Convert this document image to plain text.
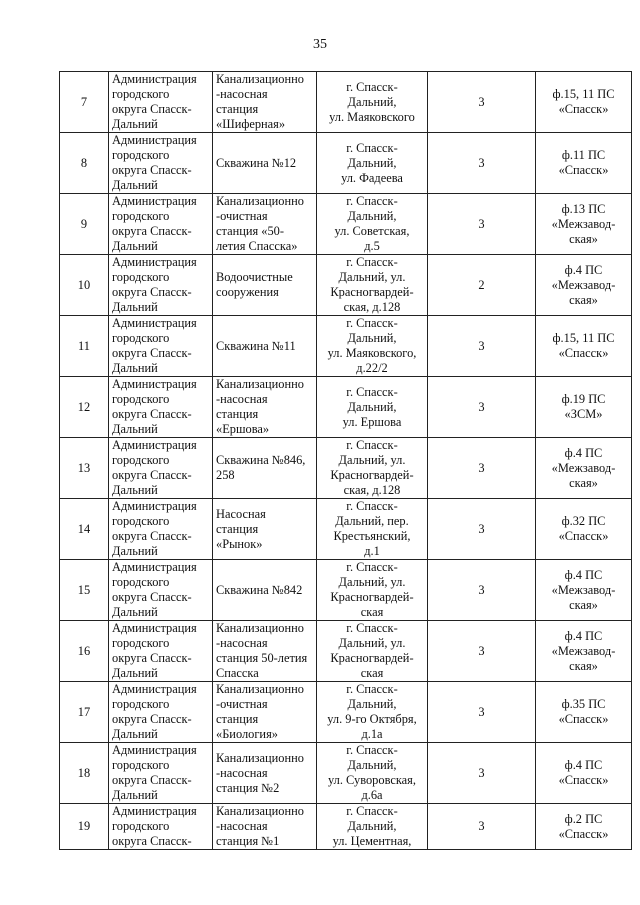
35
7	Администрация
городского
округа Спасск-
Дальний	Канализационно
-насосная
станция
«Шиферная»	г. Спасск-
Дальний,
ул. Маяковского	3	ф.15, 11 ПС
«Спасск»
8	Администрация
городского
округа Спасск-
Дальний	Скважина №12	г. Спасск-
Дальний,
ул. Фадеева	3	ф.11 ПС
«Спасск»
9	Администрация
городского
округа Спасск-
Дальний	Канализационно
-очистная
станция «50-
летия Спасска»	г. Спасск-
Дальний,
ул. Советская,
д.5	3	ф.13 ПС
«Межзавод-
ская»
10	Администрация
городского
округа Спасск-
Дальний	Водоочистные
сооружения	г. Спасск-
Дальний, ул.
Красногвардей-
ская, д.128	2	ф.4 ПС
«Межзавод-
ская»
11	Администрация
городского
округа Спасск-
Дальний	Скважина №11	г. Спасск-
Дальний,
ул. Маяковского,
д.22/2	3	ф.15, 11 ПС
«Спасск»
12	Администрация
городского
округа Спасск-
Дальний	Канализационно
-насосная
станция
«Ершова»	г. Спасск-
Дальний,
ул. Ершова	3	ф.19 ПС
«ЗСМ»
13	Администрация
городского
округа Спасск-
Дальний	Скважина №846,
258	г. Спасск-
Дальний, ул.
Красногвардей-
ская, д.128	3	ф.4 ПС
«Межзавод-
ская»
14	Администрация
городского
округа Спасск-
Дальний	Насосная
станция
«Рынок»	г. Спасск-
Дальний, пер.
Крестьянский,
д.1	3	ф.32 ПС
«Спасск»
15	Администрация
городского
округа Спасск-
Дальний	Скважина №842	г. Спасск-
Дальний, ул.
Красногвардей-
ская	3	ф.4 ПС
«Межзавод-
ская»
16	Администрация
городского
округа Спасск-
Дальний	Канализационно
-насосная
станция 50-летия
Спасска	г. Спасск-
Дальний, ул.
Красногвардей-
ская	3	ф.4 ПС
«Межзавод-
ская»
17	Администрация
городского
округа Спасск-
Дальний	Канализационно
-очистная
станция
«Биология»	г. Спасск-
Дальний,
ул. 9-го Октября,
д.1а	3	ф.35 ПС
«Спасск»
18	Администрация
городского
округа Спасск-
Дальний	Канализационно
-насосная
станция №2	г. Спасск-
Дальний,
ул. Суворовская,
д.6а	3	ф.4 ПС
«Спасск»
19	Администрация
городского
округа Спасск-	Канализационно
-насосная
станция №1	г. Спасск-
Дальний,
ул. Цементная,	3	ф.2 ПС
«Спасск»
